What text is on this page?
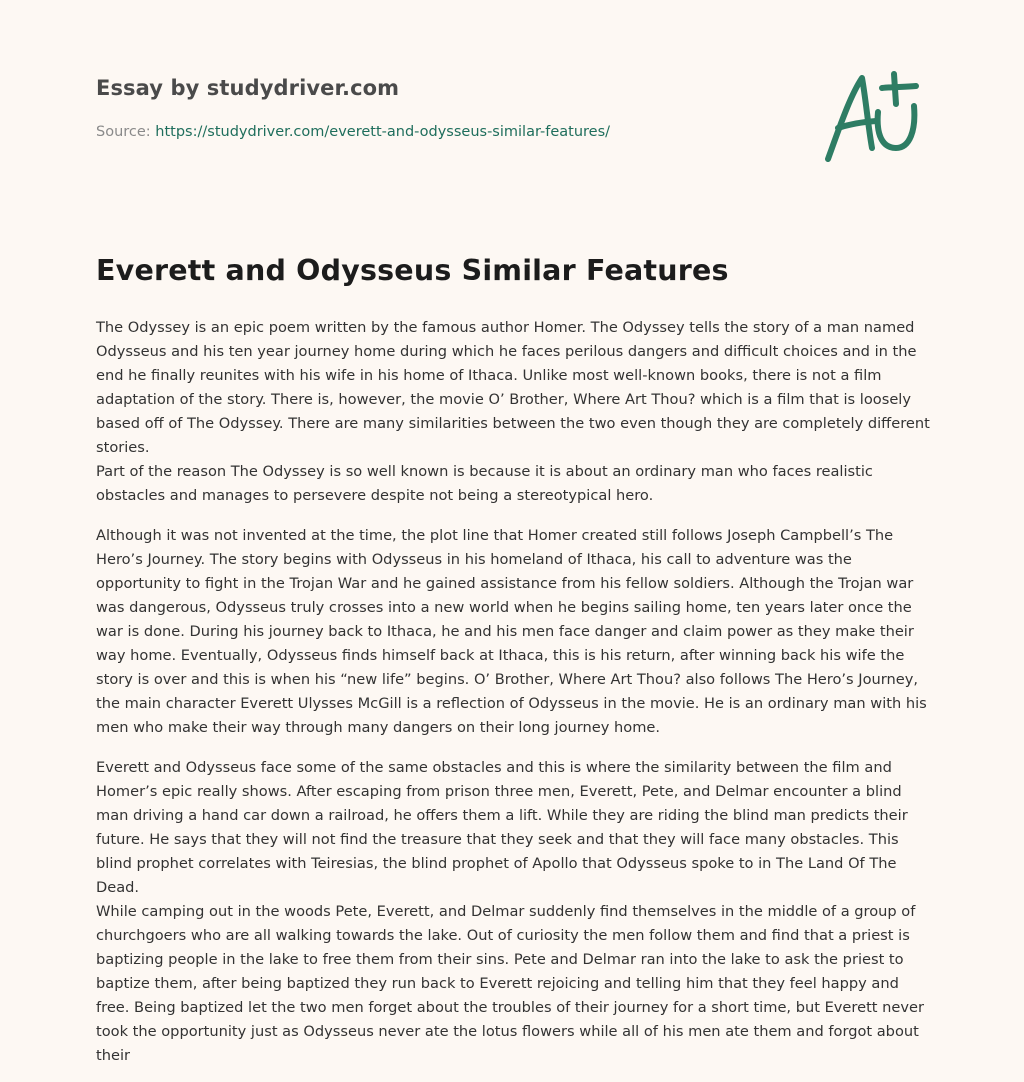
Essay by studydriver.com
Source: https://studydriver.com/everett-and-odysseus-similar-features/
Everett and Odysseus Similar Features

The Odyssey is an epic poem written by the famous author Homer. The Odyssey tells the story of a man named Odysseus and his ten year journey home during which he faces perilous dangers and difficult choices and in the end he finally reunites with his wife in his home of Ithaca. Unlike most well-known books, there is not a film adaptation of the story. There is, however, the movie O’ Brother, Where Art Thou? which is a film that is loosely based off of The Odyssey. There are many similarities between the two even though they are completely different stories.

Part of the reason The Odyssey is so well known is because it is about an ordinary man who faces realistic obstacles and manages to persevere despite not being a stereotypical hero.

Although it was not invented at the time, the plot line that Homer created still follows Joseph Campbell’s The Hero’s Journey. The story begins with Odysseus in his homeland of Ithaca, his call to adventure was the opportunity to fight in the Trojan War and he gained assistance from his fellow soldiers. Although the Trojan war was dangerous, Odysseus truly crosses into a new world when he begins sailing home, ten years later once the war is done. During his journey back to Ithaca, he and his men face danger and claim power as they make their way home. Eventually, Odysseus finds himself back at Ithaca, this is his return, after winning back his wife the story is over and this is when his “new life” begins. O’ Brother, Where Art Thou? also follows The Hero’s Journey, the main character Everett Ulysses McGill is a reflection of Odysseus in the movie. He is an ordinary man with his men who make their way through many dangers on their long journey home.

Everett and Odysseus face some of the same obstacles and this is where the similarity between the film and Homer’s epic really shows. After escaping from prison three men, Everett, Pete, and Delmar encounter a blind man driving a hand car down a railroad, he offers them a lift. While they are riding the blind man predicts their future. He says that they will not find the treasure that they seek and that they will face many obstacles. This blind prophet correlates with Teiresias, the blind prophet of Apollo that Odysseus spoke to in The Land Of The Dead.

While camping out in the woods Pete, Everett, and Delmar suddenly find themselves in the middle of a group of churchgoers who are all walking towards the lake. Out of curiosity the men follow them and find that a priest is baptizing people in the lake to free them from their sins. Pete and Delmar ran into the lake to ask the priest to baptize them, after being baptized they run back to Everett rejoicing and telling him that they feel happy and free. Being baptized let the two men forget about the troubles of their journey for a short time, but Everett never took the opportunity just as Odysseus never ate the lotus flowers while all of his men ate them and forgot about their
